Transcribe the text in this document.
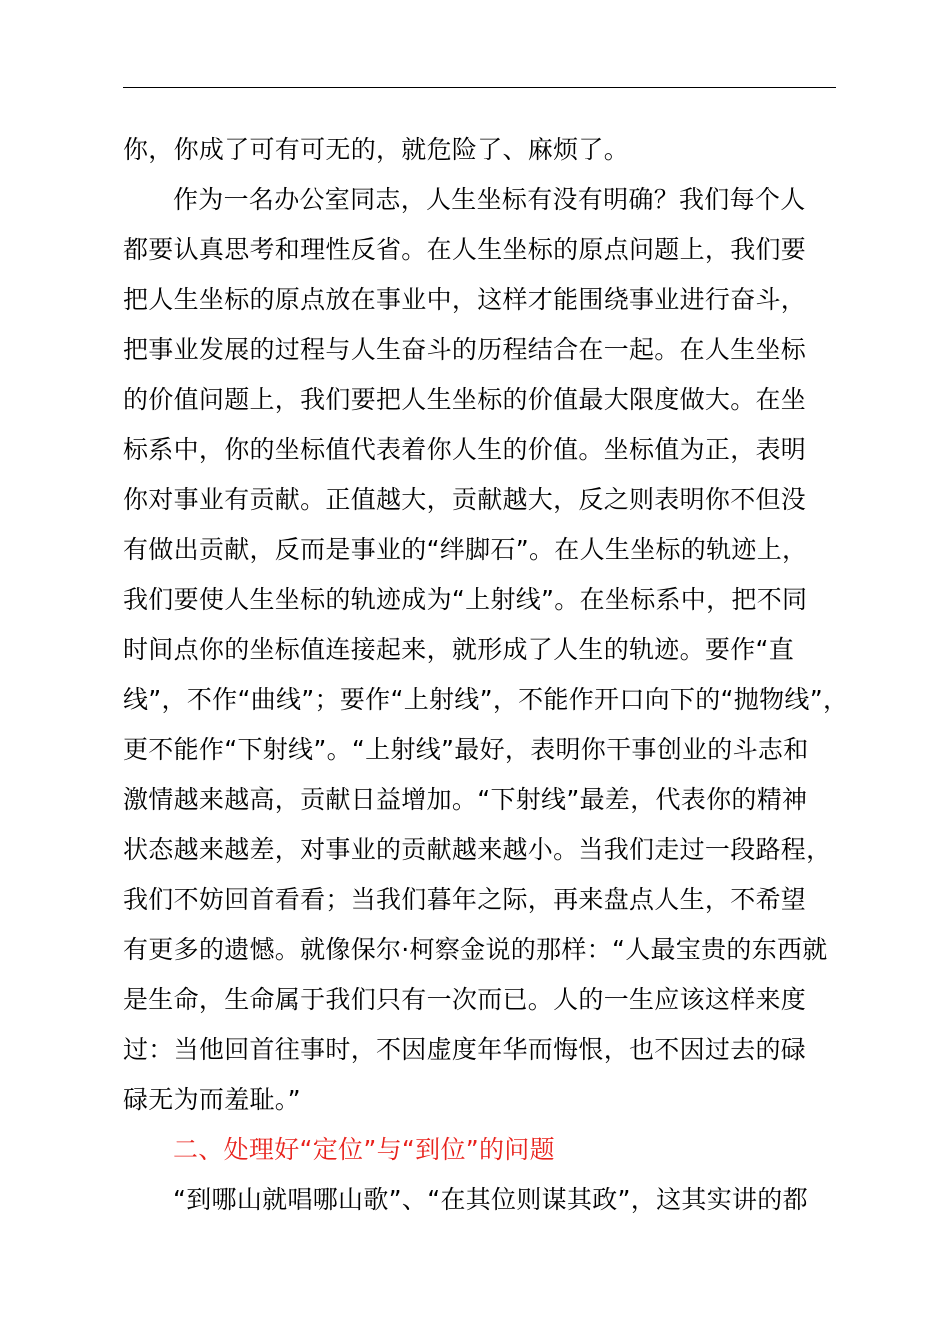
你，你成了可有可无的，就危险了、麻烦了。
作为一名办公室同志，人生坐标有没有明确？我们每个人
都要认真思考和理性反省。在人生坐标的原点问题上，我们要
把人生坐标的原点放在事业中，这样才能围绕事业进行奋斗，
把事业发展的过程与人生奋斗的历程结合在一起。在人生坐标
的价值问题上，我们要把人生坐标的价值最大限度做大。在坐
标系中，你的坐标值代表着你人生的价值。坐标值为正，表明
你对事业有贡献。正值越大，贡献越大，反之则表明你不但没
有做出贡献，反而是事业的“绊脚石”。在人生坐标的轨迹上，
我们要使人生坐标的轨迹成为“上射线”。在坐标系中，把不同
时间点你的坐标值连接起来，就形成了人生的轨迹。要作“直
线”，不作“曲线”；要作“上射线”，不能作开口向下的“抛物线”，
更不能作“下射线”。“上射线”最好，表明你干事创业的斗志和
激情越来越高，贡献日益增加。“下射线”最差，代表你的精神
状态越来越差，对事业的贡献越来越小。当我们走过一段路程，
我们不妨回首看看；当我们暮年之际，再来盘点人生，不希望
有更多的遗憾。就像保尔·柯察金说的那样：“人最宝贵的东西就
是生命，生命属于我们只有一次而已。人的一生应该这样来度
过：当他回首往事时，不因虚度年华而悔恨，也不因过去的碌
碌无为而羞耻。”
二、处理好“定位”与“到位”的问题
“到哪山就唱哪山歌”、“在其位则谋其政”，这其实讲的都
